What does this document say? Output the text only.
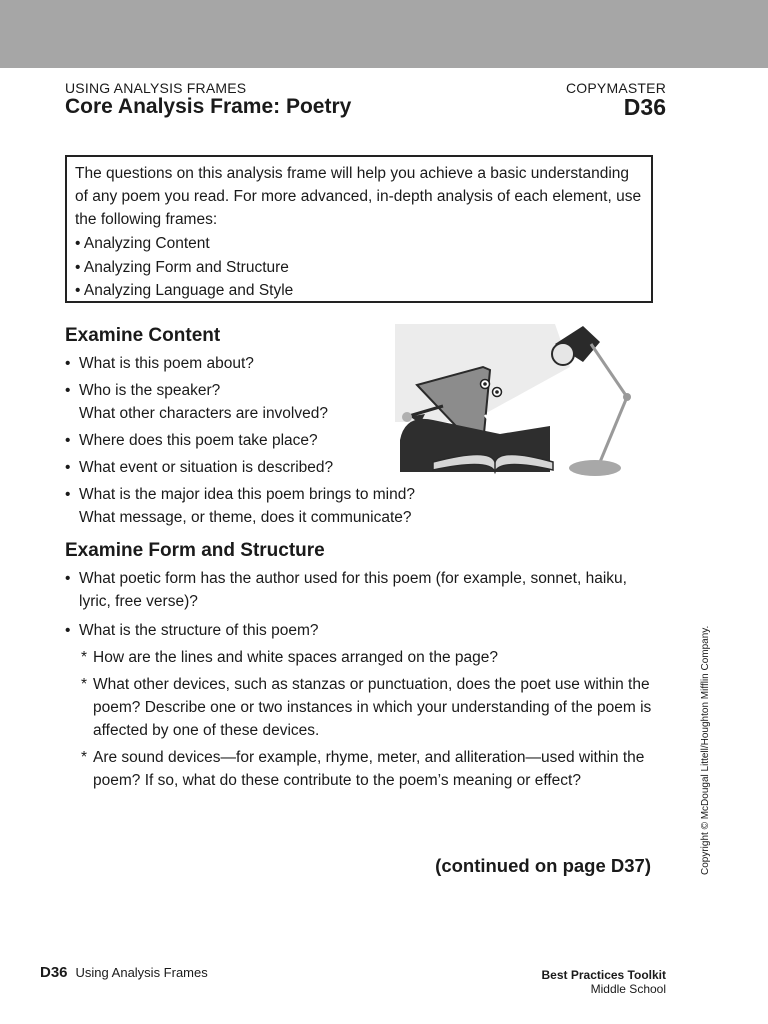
USING ANALYSIS FRAMES
Core Analysis Frame: Poetry
COPYMASTER
D36

The questions on this analysis frame will help you achieve a basic understanding of any poem you read. For more advanced, in-depth analysis of each element, use the following frames:

• Analyzing Content
• Analyzing Form and Structure
• Analyzing Language and Style
Examine Content
• What is this poem about?
• Who is the speaker?
What other characters are involved?
• Where does this poem take place?
• What event or situation is described?
• What is the major idea this poem brings to mind?
What message, or theme, does it communicate?
Examine Form and Structure
• What poetic form has the author used for this poem (for example, sonnet, haiku, lyric, free verse)?
• What is the structure of this poem?
* How are the lines and white spaces arranged on the page?
* What other devices, such as stanzas or punctuation, does the poet use within the poem? Describe one or two instances in which your understanding of the poem is affected by one of these devices.
* Are sound devices—for example, rhyme, meter, and alliteration—used within the poem? If so, what do these contribute to the poem’s meaning or effect?
(continued on page D37)	Copyright © McDougal Littell/Houghton Mifflin Company.
D36 Using Analysis Frames	Best Practices Toolkit
Middle School
